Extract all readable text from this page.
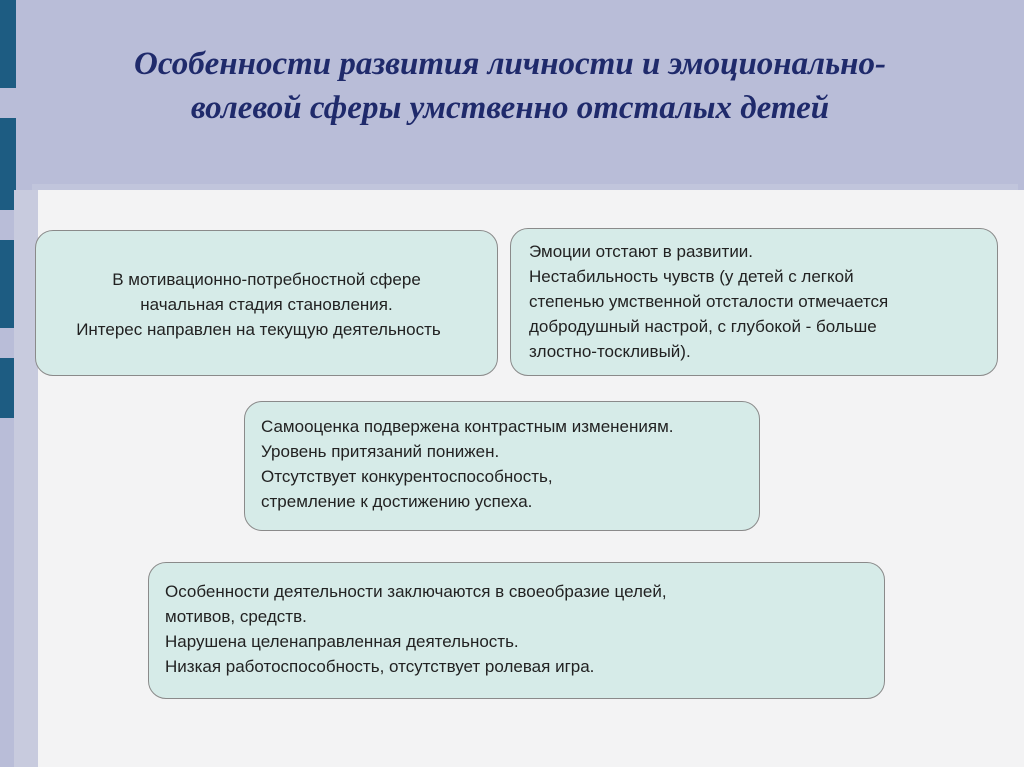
Особенности развития личности и эмоционально-
волевой сферы умственно отсталых детей
В мотивационно-потребностной сфере
начальная стадия становления.
Интерес направлен на текущую деятельность
Эмоции отстают в развитии.
Нестабильность чувств (у детей с легкой
степенью умственной отсталости отмечается
добродушный настрой, с глубокой - больше
злостно-тоскливый).
Самооценка подвержена контрастным изменениям.
Уровень притязаний понижен.
Отсутствует конкурентоспособность,
стремление к достижению успеха.
Особенности деятельности заключаются в своеобразие целей,
мотивов, средств.
Нарушена целенаправленная деятельность.
Низкая работоспособность, отсутствует ролевая игра.
